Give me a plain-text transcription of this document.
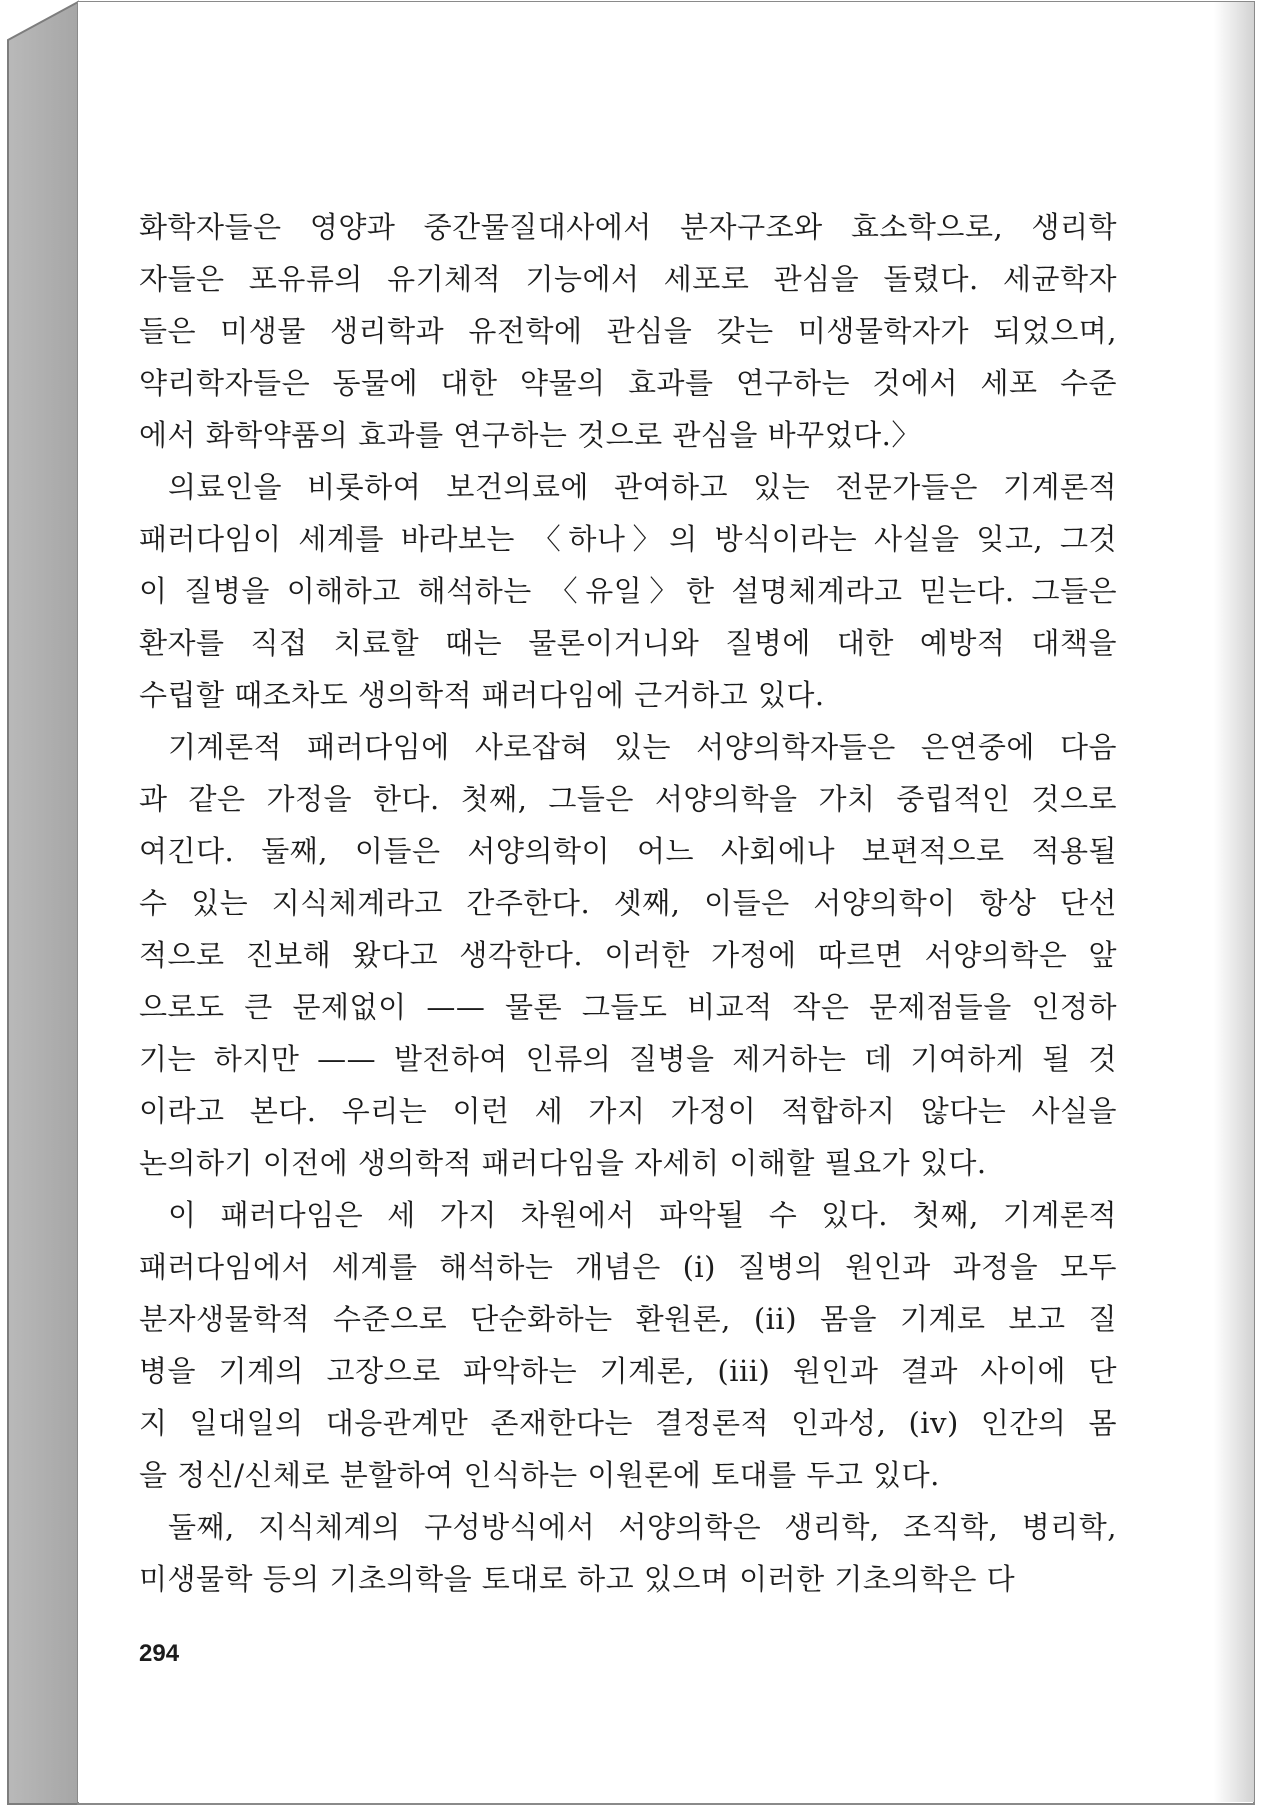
화학자들은 영양과 중간물질대사에서 분자구조와 효소학으로, 생리학
자들은 포유류의 유기체적 기능에서 세포로 관심을 돌렸다. 세균학자
들은 미생물 생리학과 유전학에 관심을 갖는 미생물학자가 되었으며,
약리학자들은 동물에 대한 약물의 효과를 연구하는 것에서 세포 수준
에서 화학약품의 효과를 연구하는 것으로 관심을 바꾸었다.〉
의료인을 비롯하여 보건의료에 관여하고 있는 전문가들은 기계론적
패러다임이 세계를 바라보는 〈하나〉의 방식이라는 사실을 잊고, 그것
이 질병을 이해하고 해석하는 〈유일〉한 설명체계라고 믿는다. 그들은
환자를 직접 치료할 때는 물론이거니와 질병에 대한 예방적 대책을
수립할 때조차도 생의학적 패러다임에 근거하고 있다.
기계론적 패러다임에 사로잡혀 있는 서양의학자들은 은연중에 다음
과 같은 가정을 한다. 첫째, 그들은 서양의학을 가치 중립적인 것으로
여긴다. 둘째, 이들은 서양의학이 어느 사회에나 보편적으로 적용될
수 있는 지식체계라고 간주한다. 셋째, 이들은 서양의학이 항상 단선
적으로 진보해 왔다고 생각한다. 이러한 가정에 따르면 서양의학은 앞
으로도 큰 문제없이 —— 물론 그들도 비교적 작은 문제점들을 인정하
기는 하지만 —— 발전하여 인류의 질병을 제거하는 데 기여하게 될 것
이라고 본다. 우리는 이런 세 가지 가정이 적합하지 않다는 사실을
논의하기 이전에 생의학적 패러다임을 자세히 이해할 필요가 있다.
이 패러다임은 세 가지 차원에서 파악될 수 있다. 첫째, 기계론적
패러다임에서 세계를 해석하는 개념은 (i) 질병의 원인과 과정을 모두
분자생물학적 수준으로 단순화하는 환원론, (ii) 몸을 기계로 보고 질
병을 기계의 고장으로 파악하는 기계론, (iii) 원인과 결과 사이에 단
지 일대일의 대응관계만 존재한다는 결정론적 인과성, (iv) 인간의 몸
을 정신/신체로 분할하여 인식하는 이원론에 토대를 두고 있다.
둘째, 지식체계의 구성방식에서 서양의학은 생리학, 조직학, 병리학,
미생물학 등의 기초의학을 토대로 하고 있으며 이러한 기초의학은 다
294
